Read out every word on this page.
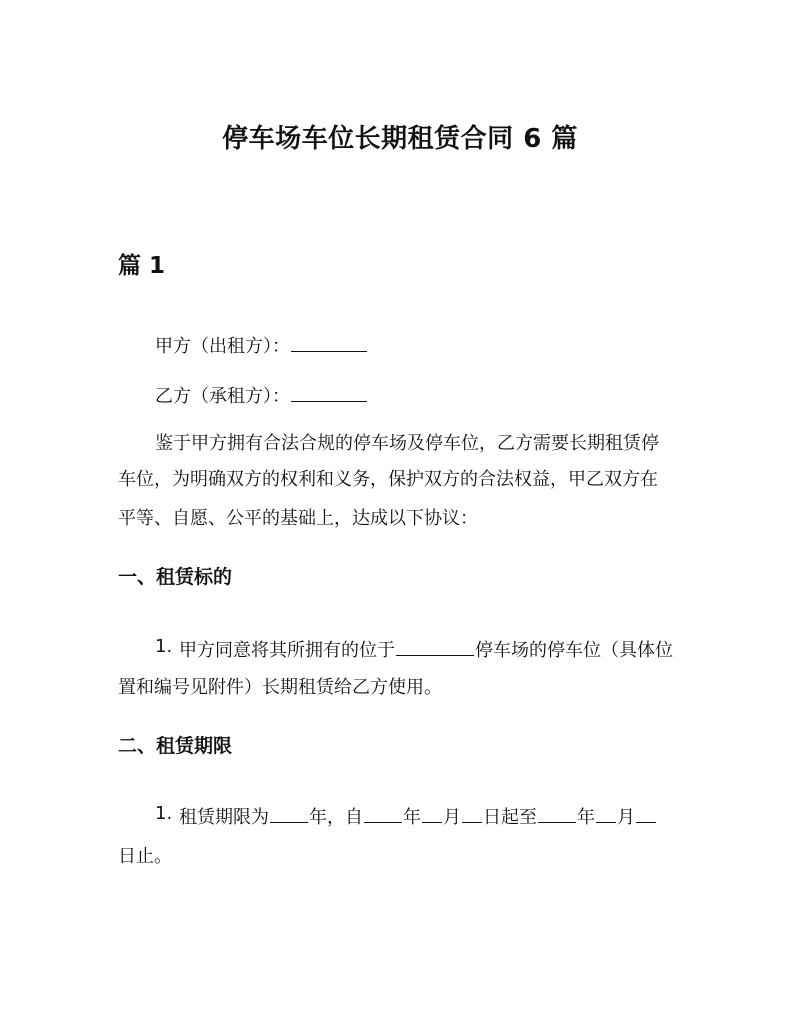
停车场车位长期租赁合同 6 篇
篇 1
甲方（出租方）：
乙方（承租方）：
鉴于甲方拥有合法合规的停车场及停车位，乙方需要长期租赁停
车位，为明确双方的权利和义务，保护双方的合法权益，甲乙双方在
平等、自愿、公平的基础上，达成以下协议：
一、租赁标的
1. 甲方同意将其所拥有的位于	停车场的停车位（具体位
置和编号见附件）长期租赁给乙方使用。
二、租赁期限
1. 租赁期限为 年，自 年 月 日起至 年 月
日止。
